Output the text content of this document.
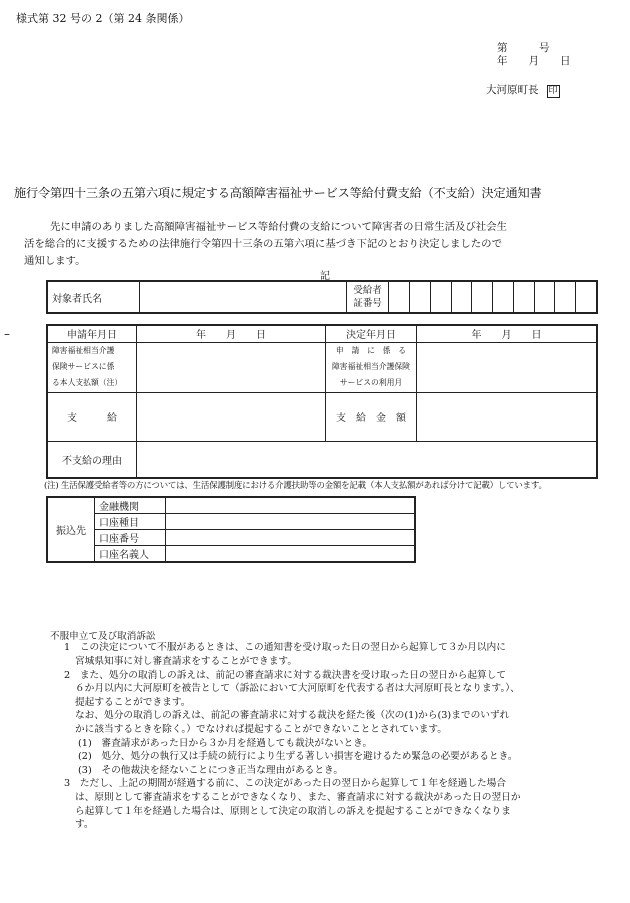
様式第 32 号の 2（第 24 条関係）
第　　　号
年　　月　　日
大河原町長 印
施行令第四十三条の五第六項に規定する高額障害福祉サービス等給付費支給（不支給）決定通知書
先に申請のありました高額障害福祉サービス等給付費の支給について障害者の日常生活及び社会生
活を総合的に支援するための法律施行令第四十三条の五第六項に基づき下記のとおり決定しましたので
通知します。
記
対象者氏名		受給者
証番号										
–	申請年月日	年　　月　　日	決定年月日	年　　月　　日
障害福祉相当介護
保険サービスに係
る本人支払額（注）		申　請　に　係　る
障害福祉相当介護保険
サービスの利用月	
支　　　給		支　給　金　額	
不支給の理由			
(注) 生活保護受給者等の方については、生活保護制度における介護扶助等の金額を記載（本人支払額があれば分けて記載）しています。
振込先	金融機関	
	口座種目	
	口座番号	
	口座名義人	
不服申立て及び取消訴訟
1　この決定について不服があるときは、この通知書を受け取った日の翌日から起算して３か月以内に
宮城県知事に対し審査請求をすることができます。
2　また、処分の取消しの訴えは、前記の審査請求に対する裁決書を受け取った日の翌日から起算して
６か月以内に大河原町を被告として（訴訟において大河原町を代表する者は大河原町長となります。）、
提起することができます。
なお、処分の取消しの訴えは、前記の審査請求に対する裁決を経た後（次の(1)から(3)までのいずれ
かに該当するときを除く。）でなければ提起することができないこととされています。
(1)　審査請求があった日から３か月を経過しても裁決がないとき。
(2)　処分、処分の執行又は手続の続行により生ずる著しい損害を避けるため緊急の必要があるとき。
(3)　その他裁決を経ないことにつき正当な理由があるとき。
3　ただし、上記の期間が経過する前に、この決定があった日の翌日から起算して１年を経過した場合
は、原則として審査請求をすることができなくなり、また、審査請求に対する裁決があった日の翌日か
ら起算して１年を経過した場合は、原則として決定の取消しの訴えを提起することができなくなりま
す。
